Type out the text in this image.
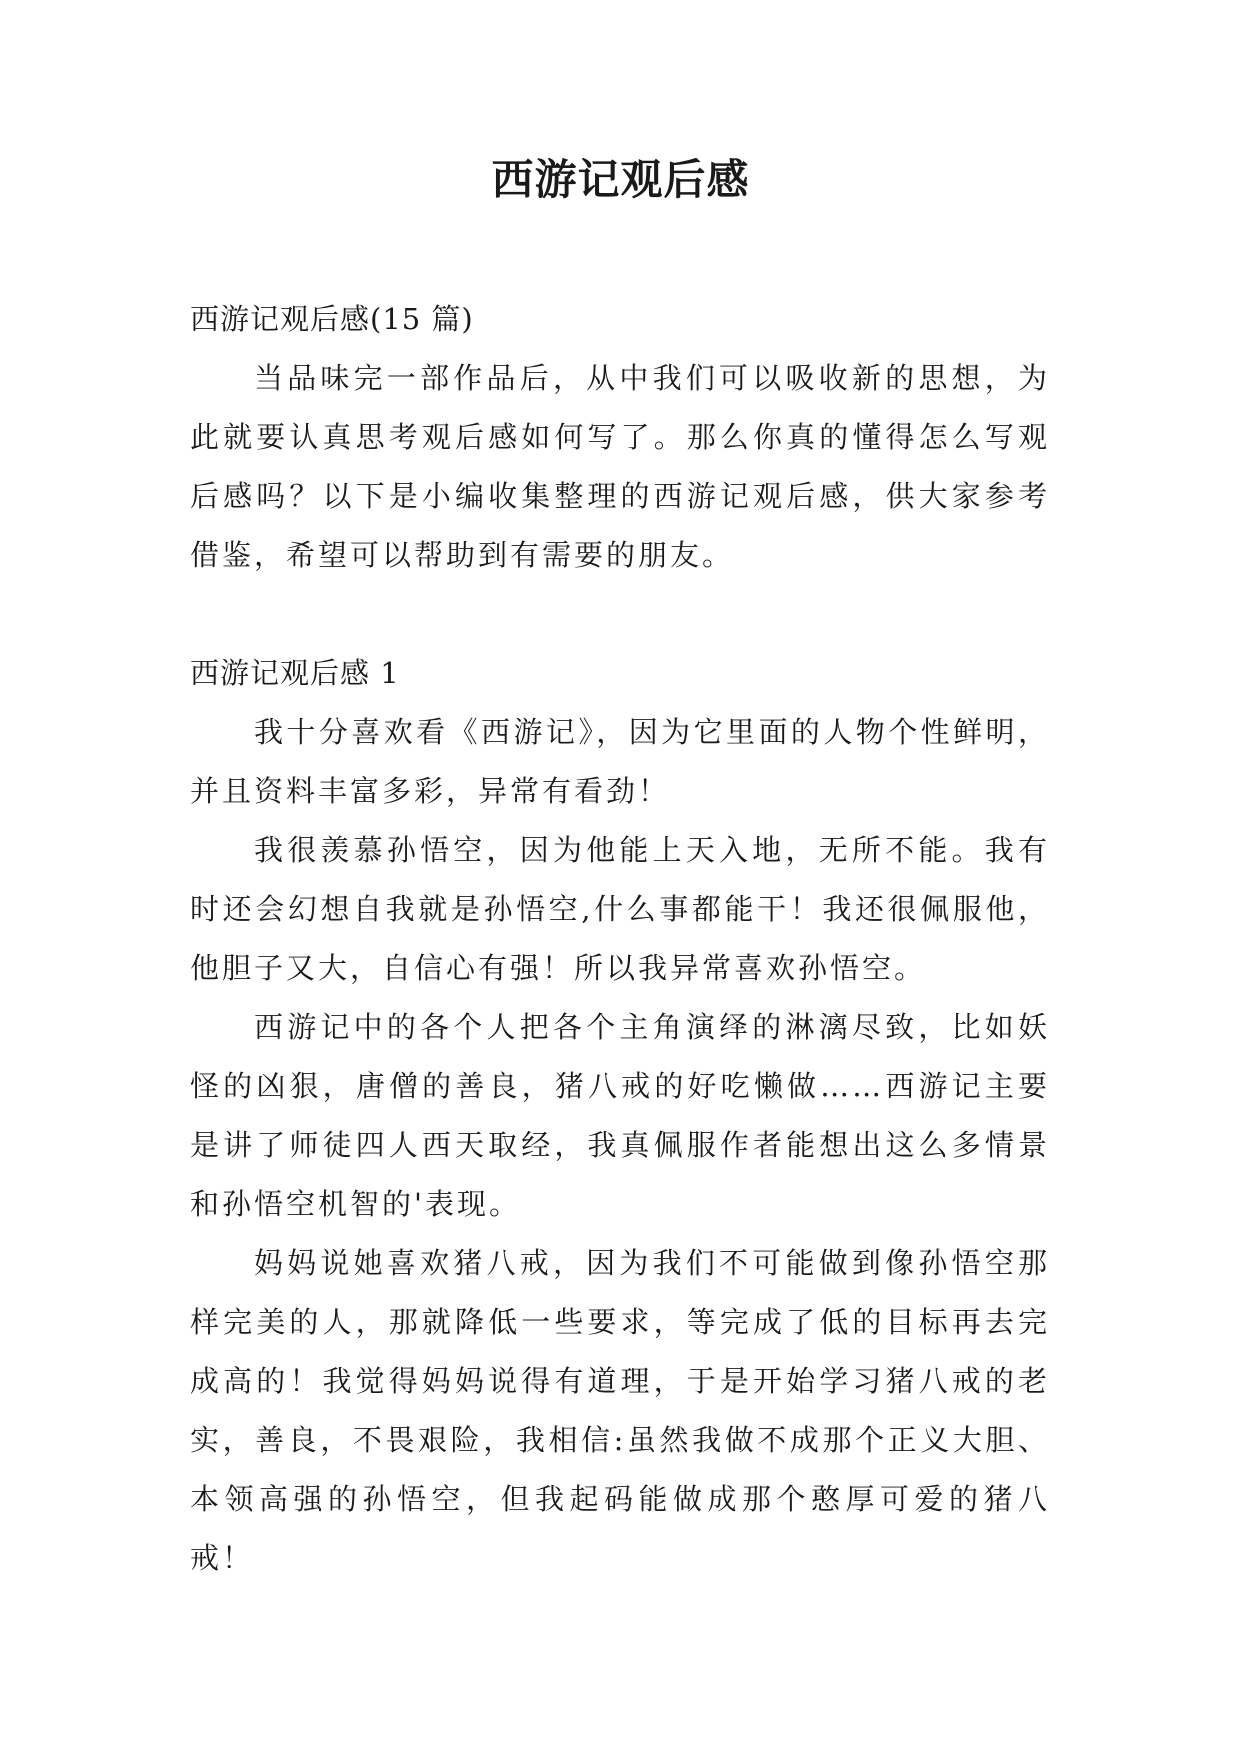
西游记观后感

西游记观后感(15 篇)

当品味完一部作品后，从中我们可以吸收新的思想，为此就要认真思考观后感如何写了。那么你真的懂得怎么写观后感吗？以下是小编收集整理的西游记观后感，供大家参考借鉴，希望可以帮助到有需要的朋友。

西游记观后感 1

我十分喜欢看《西游记》，因为它里面的人物个性鲜明，并且资料丰富多彩，异常有看劲！

我很羡慕孙悟空，因为他能上天入地，无所不能。我有时还会幻想自我就是孙悟空,什么事都能干！我还很佩服他，他胆子又大，自信心有强！所以我异常喜欢孙悟空。

西游记中的各个人把各个主角演绎的淋漓尽致，比如妖怪的凶狠，唐僧的善良，猪八戒的好吃懒做……西游记主要是讲了师徒四人西天取经，我真佩服作者能想出这么多情景和孙悟空机智的'表现。

妈妈说她喜欢猪八戒，因为我们不可能做到像孙悟空那样完美的人，那就降低一些要求，等完成了低的目标再去完成高的！我觉得妈妈说得有道理，于是开始学习猪八戒的老实，善良，不畏艰险，我相信:虽然我做不成那个正义大胆、本领高强的孙悟空，但我起码能做成那个憨厚可爱的猪八戒！
